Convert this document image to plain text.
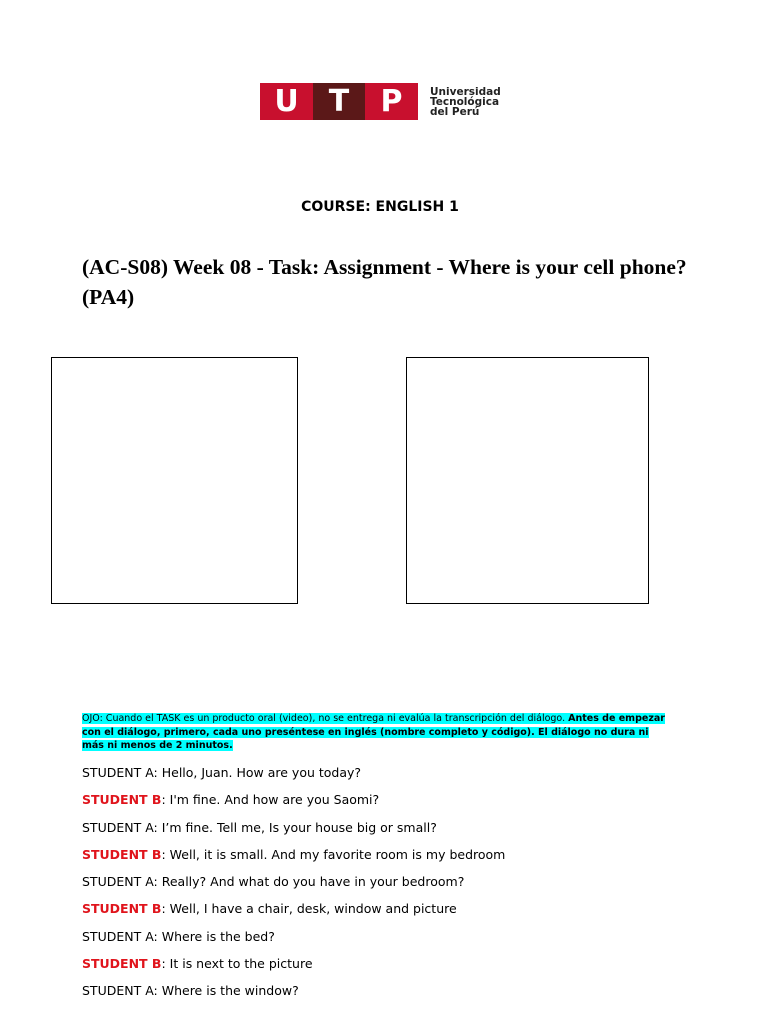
U	T	P	Universidad
Tecnológica
del Perú
COURSE: ENGLISH 1
(AC-S08) Week 08 - Task: Assignment - Where is your cell phone? (PA4)
OJO: Cuando el TASK es un producto oral (video), no se entrega ni evalúa la transcripción del diálogo. Antes de empezar con el diálogo, primero, cada uno preséntese en inglés (nombre completo y código). El diálogo no dura ni más ni menos de 2 minutos.
STUDENT A: Hello, Juan. How are you today?
STUDENT B: I'm fine. And how are you Saomi?
STUDENT A: I’m fine. Tell me, Is your house big or small?
STUDENT B: Well, it is small. And my favorite room is my bedroom
STUDENT A: Really? And what do you have in your bedroom?
STUDENT B: Well, I have a chair, desk, window and picture
STUDENT A: Where is the bed?
STUDENT B: It is next to the picture
STUDENT A: Where is the window?
